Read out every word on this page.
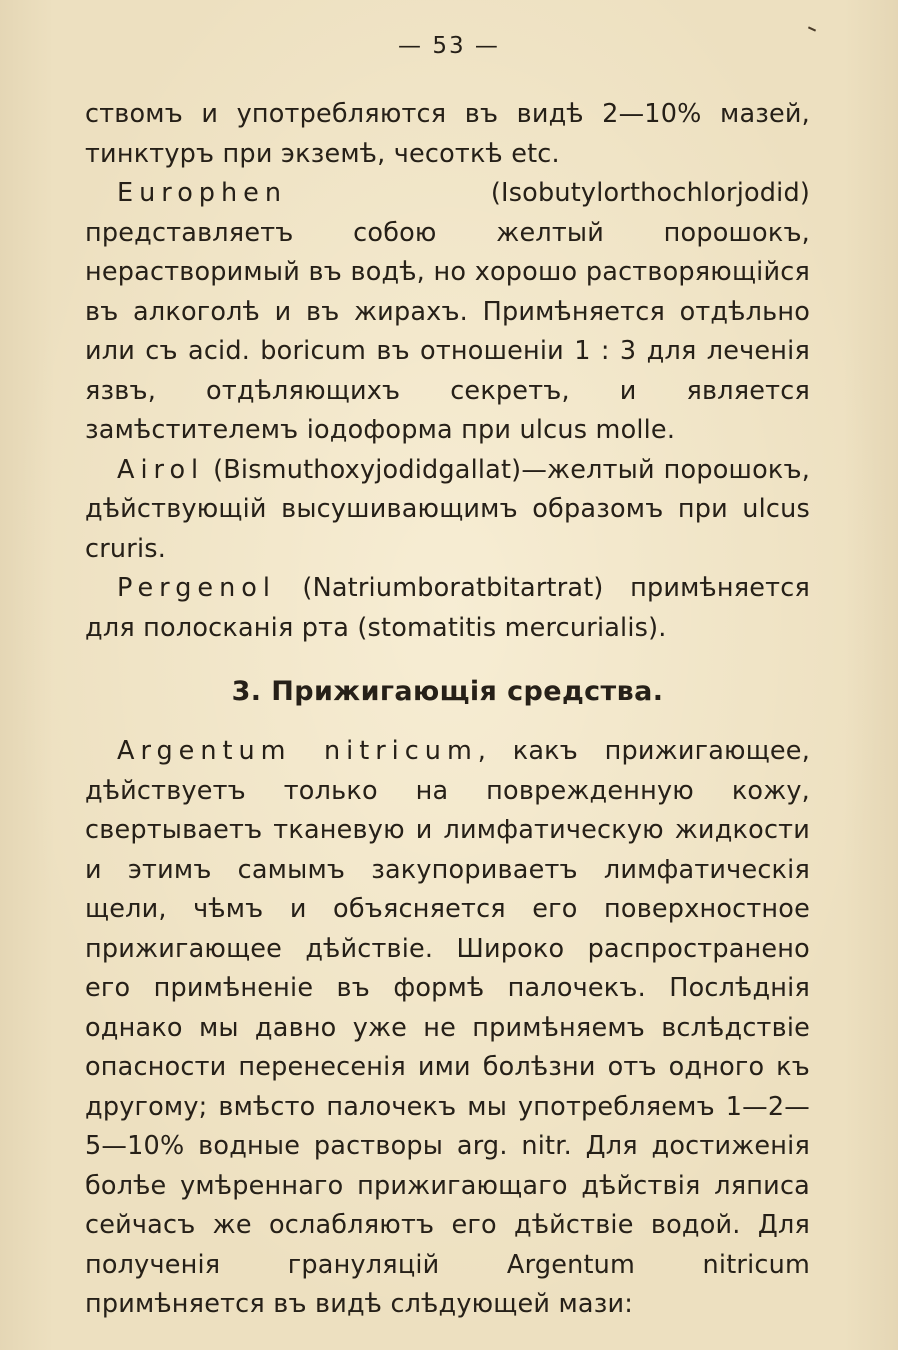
— 53 —

ствомъ и употребляются въ видѣ 2—10% мазей, тинктуръ при экземѣ, чесоткѣ etc.

Europhen (Isobutylorthochlorjodid) представляетъ собою желтый порошокъ, нерастворимый въ водѣ, но хорошо растворяющійся въ алкоголѣ и въ жирахъ. Примѣняется отдѣльно или съ acid. boricum въ отношеніи 1 : 3 для леченія язвъ, отдѣляющихъ секретъ, и является замѣстителемъ іодоформа при ulcus molle.

Airol (Bismuthoxyjodidgallat)—желтый порошокъ, дѣйствующій высушивающимъ образомъ при ulcus cruris.

Pergenol (Natriumboratbitartrat) примѣняется для полосканія рта (stomatitis mercurialis).

3. Прижигающія средства.

Argentum nitricum, какъ прижигающее, дѣйствуетъ только на поврежденную кожу, свертываетъ тканевую и лимфатическую жидкости и этимъ самымъ закупориваетъ лимфатическія щели, чѣмъ и объясняется его поверхностное прижигающее дѣйствіе. Широко распространено его примѣненіе въ формѣ палочекъ. Послѣднія однако мы давно уже не примѣняемъ вслѣдствіе опасности перенесенія ими болѣзни отъ одного къ другому; вмѣсто палочекъ мы употребляемъ 1—2—5—10% водные растворы arg. nitr. Для достиженія болѣе умѣреннаго прижигающаго дѣйствія ляписа сейчасъ же ослабляютъ его дѣйствіе водой. Для полученія грануляцій Argentum nitricum примѣняется въ видѣ слѣдующей мази:
